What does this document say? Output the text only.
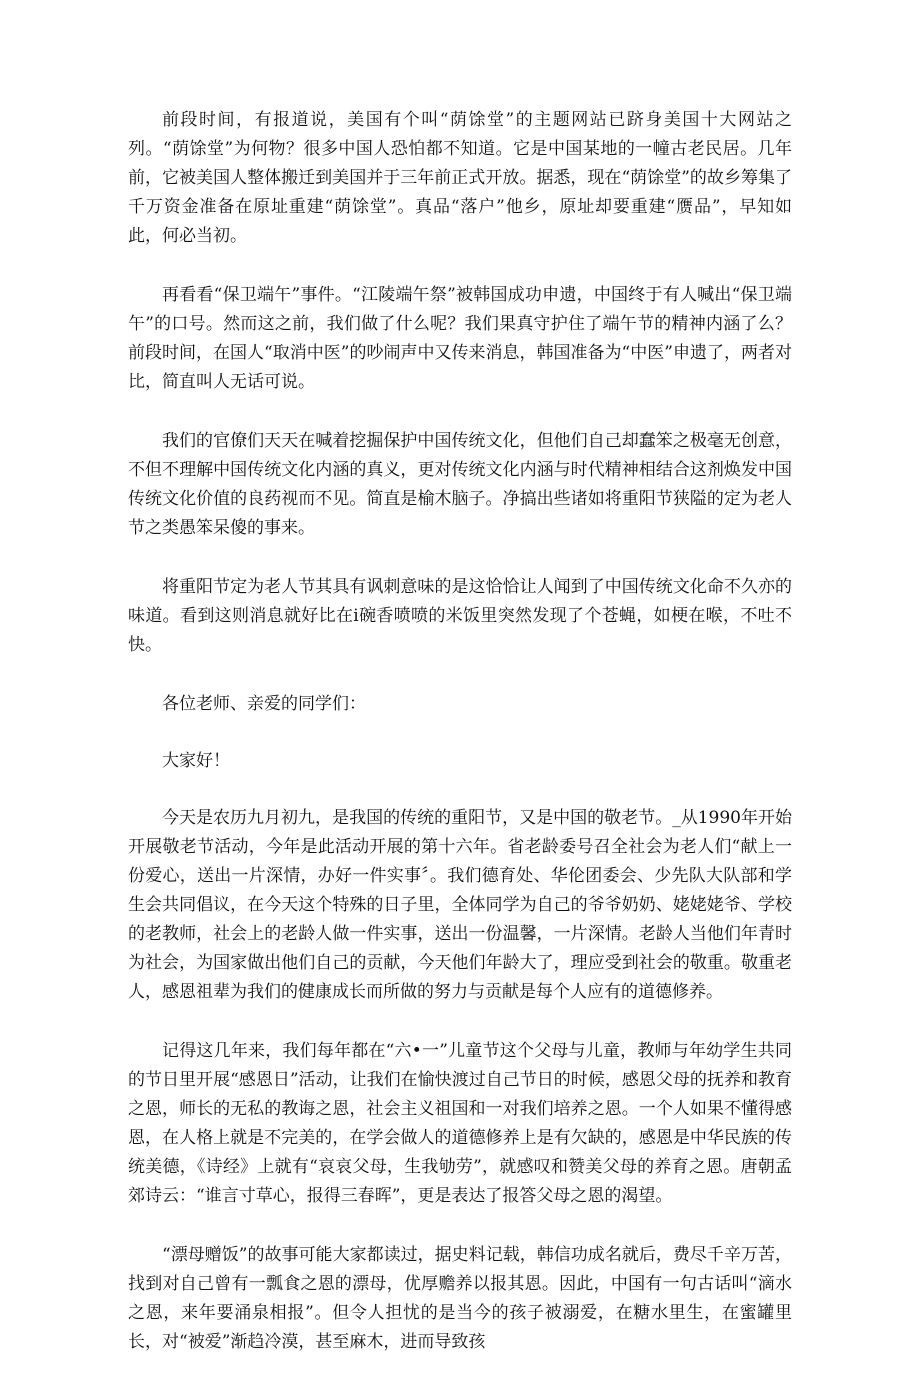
前段时间，有报道说，美国有个叫“荫馀堂”的主题网站已跻身美国十大网站之列。“荫馀堂”为何物？很多中国人恐怕都不知道。它是中国某地的一幢古老民居。几年前，它被美国人整体搬迁到美国并于三年前正式开放。据悉，现在“荫馀堂”的故乡筹集了千万资金准备在原址重建“荫馀堂”。真品“落户”他乡，原址却要重建“赝品”，早知如此，何必当初。

再看看“保卫端午”事件。“江陵端午祭”被韩国成功申遗，中国终于有人喊出“保卫端午”的口号。然而这之前，我们做了什么呢？我们果真守护住了端午节的精神内涵了么？前段时间，在国人“取消中医”的吵闹声中又传来消息，韩国准备为“中医”申遗了，两者对比，简直叫人无话可说。

我们的官僚们天天在喊着挖掘保护中国传统文化，但他们自己却蠢笨之极毫无创意，不但不理解中国传统文化内涵的真义，更对传统文化内涵与时代精神相结合这剂焕发中国传统文化价值的良药视而不见。简直是榆木脑子。净搞出些诸如将重阳节狭隘的定为老人节之类愚笨呆傻的事来。

将重阳节定为老人节其具有讽刺意味的是这恰恰让人闻到了中国传统文化命不久亦的味道。看到这则消息就好比在i碗香喷喷的米饭里突然发现了个苍蝇，如梗在喉，不吐不快。

各位老师、亲爱的同学们：

大家好！

今天是农历九月初九，是我国的传统的重阳节，又是中国的敬老节。_从1990年开始开展敬老节活动，今年是此活动开展的第十六年。省老龄委号召全社会为老人们“献上一份爱心，送出一片深情，办好一件实事〞。我们德育处、华伦团委会、少先队大队部和学生会共同倡议，在今天这个特殊的日子里，全体同学为自己的爷爷奶奶、姥姥姥爷、学校的老教师，社会上的老龄人做一件实事，送出一份温馨，一片深情。老龄人当他们年青时为社会，为国家做出他们自己的贡献，今天他们年龄大了，理应受到社会的敬重。敬重老人，感恩祖辈为我们的健康成长而所做的努力与贡献是每个人应有的道德修养。

记得这几年来，我们每年都在“六•一”儿童节这个父母与儿童，教师与年幼学生共同的节日里开展“感恩日”活动，让我们在愉快渡过自己节日的时候，感恩父母的抚养和教育之恩，师长的无私的教诲之恩，社会主义祖国和一对我们培养之恩。一个人如果不懂得感恩，在人格上就是不完美的，在学会做人的道德修养上是有欠缺的，感恩是中华民族的传统美德，《诗经》上就有“哀哀父母，生我劬劳”，就感叹和赞美父母的养育之恩。唐朝孟郊诗云：“谁言寸草心，报得三春晖”，更是表达了报答父母之恩的渴望。

“漂母赠饭”的故事可能大家都读过，据史料记载，韩信功成名就后，费尽千辛万苦，找到对自己曾有一瓢食之恩的漂母，优厚赡养以报其恩。因此，中国有一句古话叫“滴水之恩，来年要涌泉相报”。但令人担忧的是当今的孩子被溺爱，在糖水里生，在蜜罐里长，对“被爱”渐趋冷漠，甚至麻木，进而导致孩
